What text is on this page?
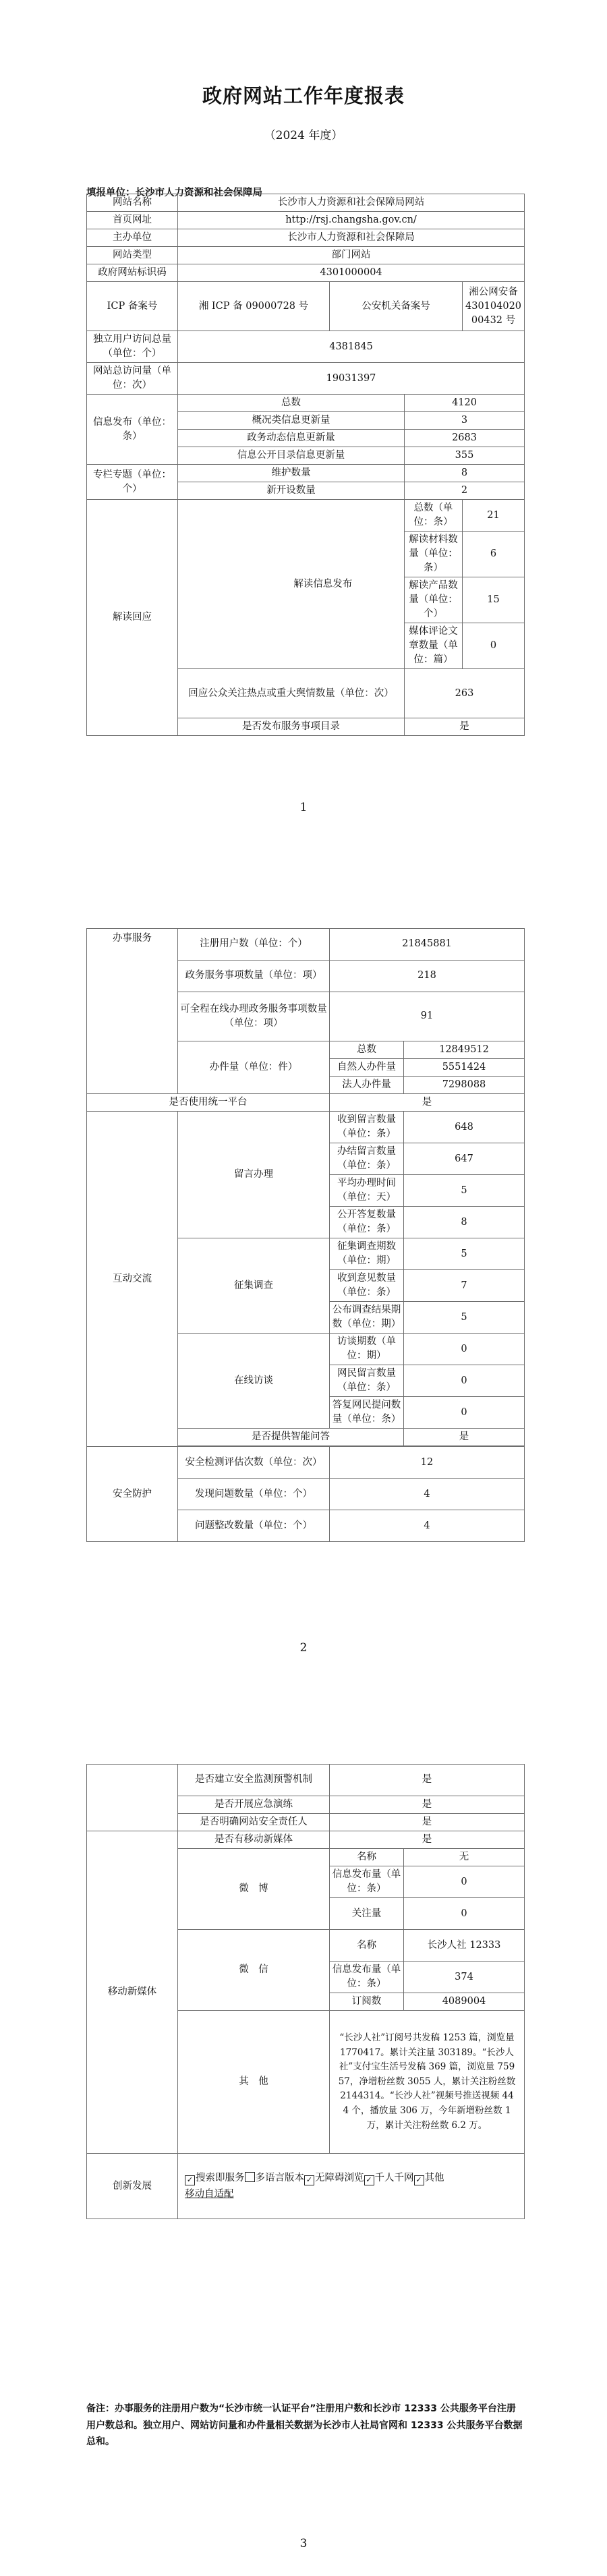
政府网站工作年度报表
（2024 年度）
填报单位：长沙市人力资源和社会保障局
网站名称	长沙市人力资源和社会保障局网站				
首页网址	http://rsj.changsha.gov.cn/				
主办单位	长沙市人力资源和社会保障局				
网站类型	部门网站				
政府网站标识码	4301000004				
ICP 备案号	湘 ICP 备 09000728 号		公安机关备案号		湘公网安备 43010402000432 号
独立用户访问总量（单位：个）	4381845				
网站总访问量（单位：次）	19031397				
信息发布（单位：条）	总数			4120	
	概况类信息更新量			3	
	政务动态信息更新量			2683	
	信息公开目录信息更新量			355	
专栏专题（单位：个）	维护数量			8	
	新开设数量			2	
解读回应		解读信息发布		总数（单位：条）	21
				解读材料数量（单位：条）	6
				解读产品数量（单位：个）	15
				媒体评论文章数量（单位：篇）	0
	回应公众关注热点或重大舆情数量（单位：次）			263	
	是否发布服务事项目录			是	
1
办事服务	注册用户数（单位：个）	21845881	
	政务服务事项数量（单位：项）	218	
	可全程在线办理政务服务事项数量（单位：项）	91	
	办件量（单位：件）	总数	12849512
		自然人办件量	5551424
		法人办件量	7298088
是否使用统一平台		是	
互动交流	留言办理	收到留言数量（单位：条）	648
		办结留言数量（单位：条）	647
		平均办理时间（单位：天）	5
		公开答复数量（单位：条）	8
	征集调查	征集调查期数（单位：期）	5
		收到意见数量（单位：条）	7
		公布调查结果期数（单位：期）	5
	在线访谈	访谈期数（单位：期）	0
		网民留言数量（单位：条）	0
		答复网民提问数量（单位：条）	0
	是否提供智能问答		是

安全防护	安全检测评估次数（单位：次）	12	
	发现问题数量（单位：个）	4	
	问题整改数量（单位：个）	4	
2
	是否建立安全监测预警机制	是	
	是否开展应急演练	是	
	是否明确网站安全责任人	是	
移动新媒体	是否有移动新媒体	是	
	微　博	名称	无
		信息发布量（单位：条）	0
		关注量	0
	微　信	名称	长沙人社 12333
		信息发布量（单位：条）	374
		订阅数	4089004
	其　他	“长沙人社”订阅号共发稿 1253 篇，浏览量 1770417。累计关注量 303189。“长沙人社”支付宝生活号发稿 369 篇，浏览量 75957，净增粉丝数 3055 人，累计关注粉丝数 2144314。“长沙人社”视频号推送视频 444 个，播放量 306 万，今年新增粉丝数 1 万，累计关注粉丝数 6.2 万。	
创新发展	✓ 搜索即服务 多语言版本 ✓ 无障碍浏览 ✓ 千人千网 ✓ 其他
移动自适配		
备注：办事服务的注册用户数为“长沙市统一认证平台”注册用户数和长沙市 12333 公共服务平台注册用户数总和。独立用户、网站访问量和办件量相关数据为长沙市人社局官网和 12333 公共服务平台数据总和。
3
